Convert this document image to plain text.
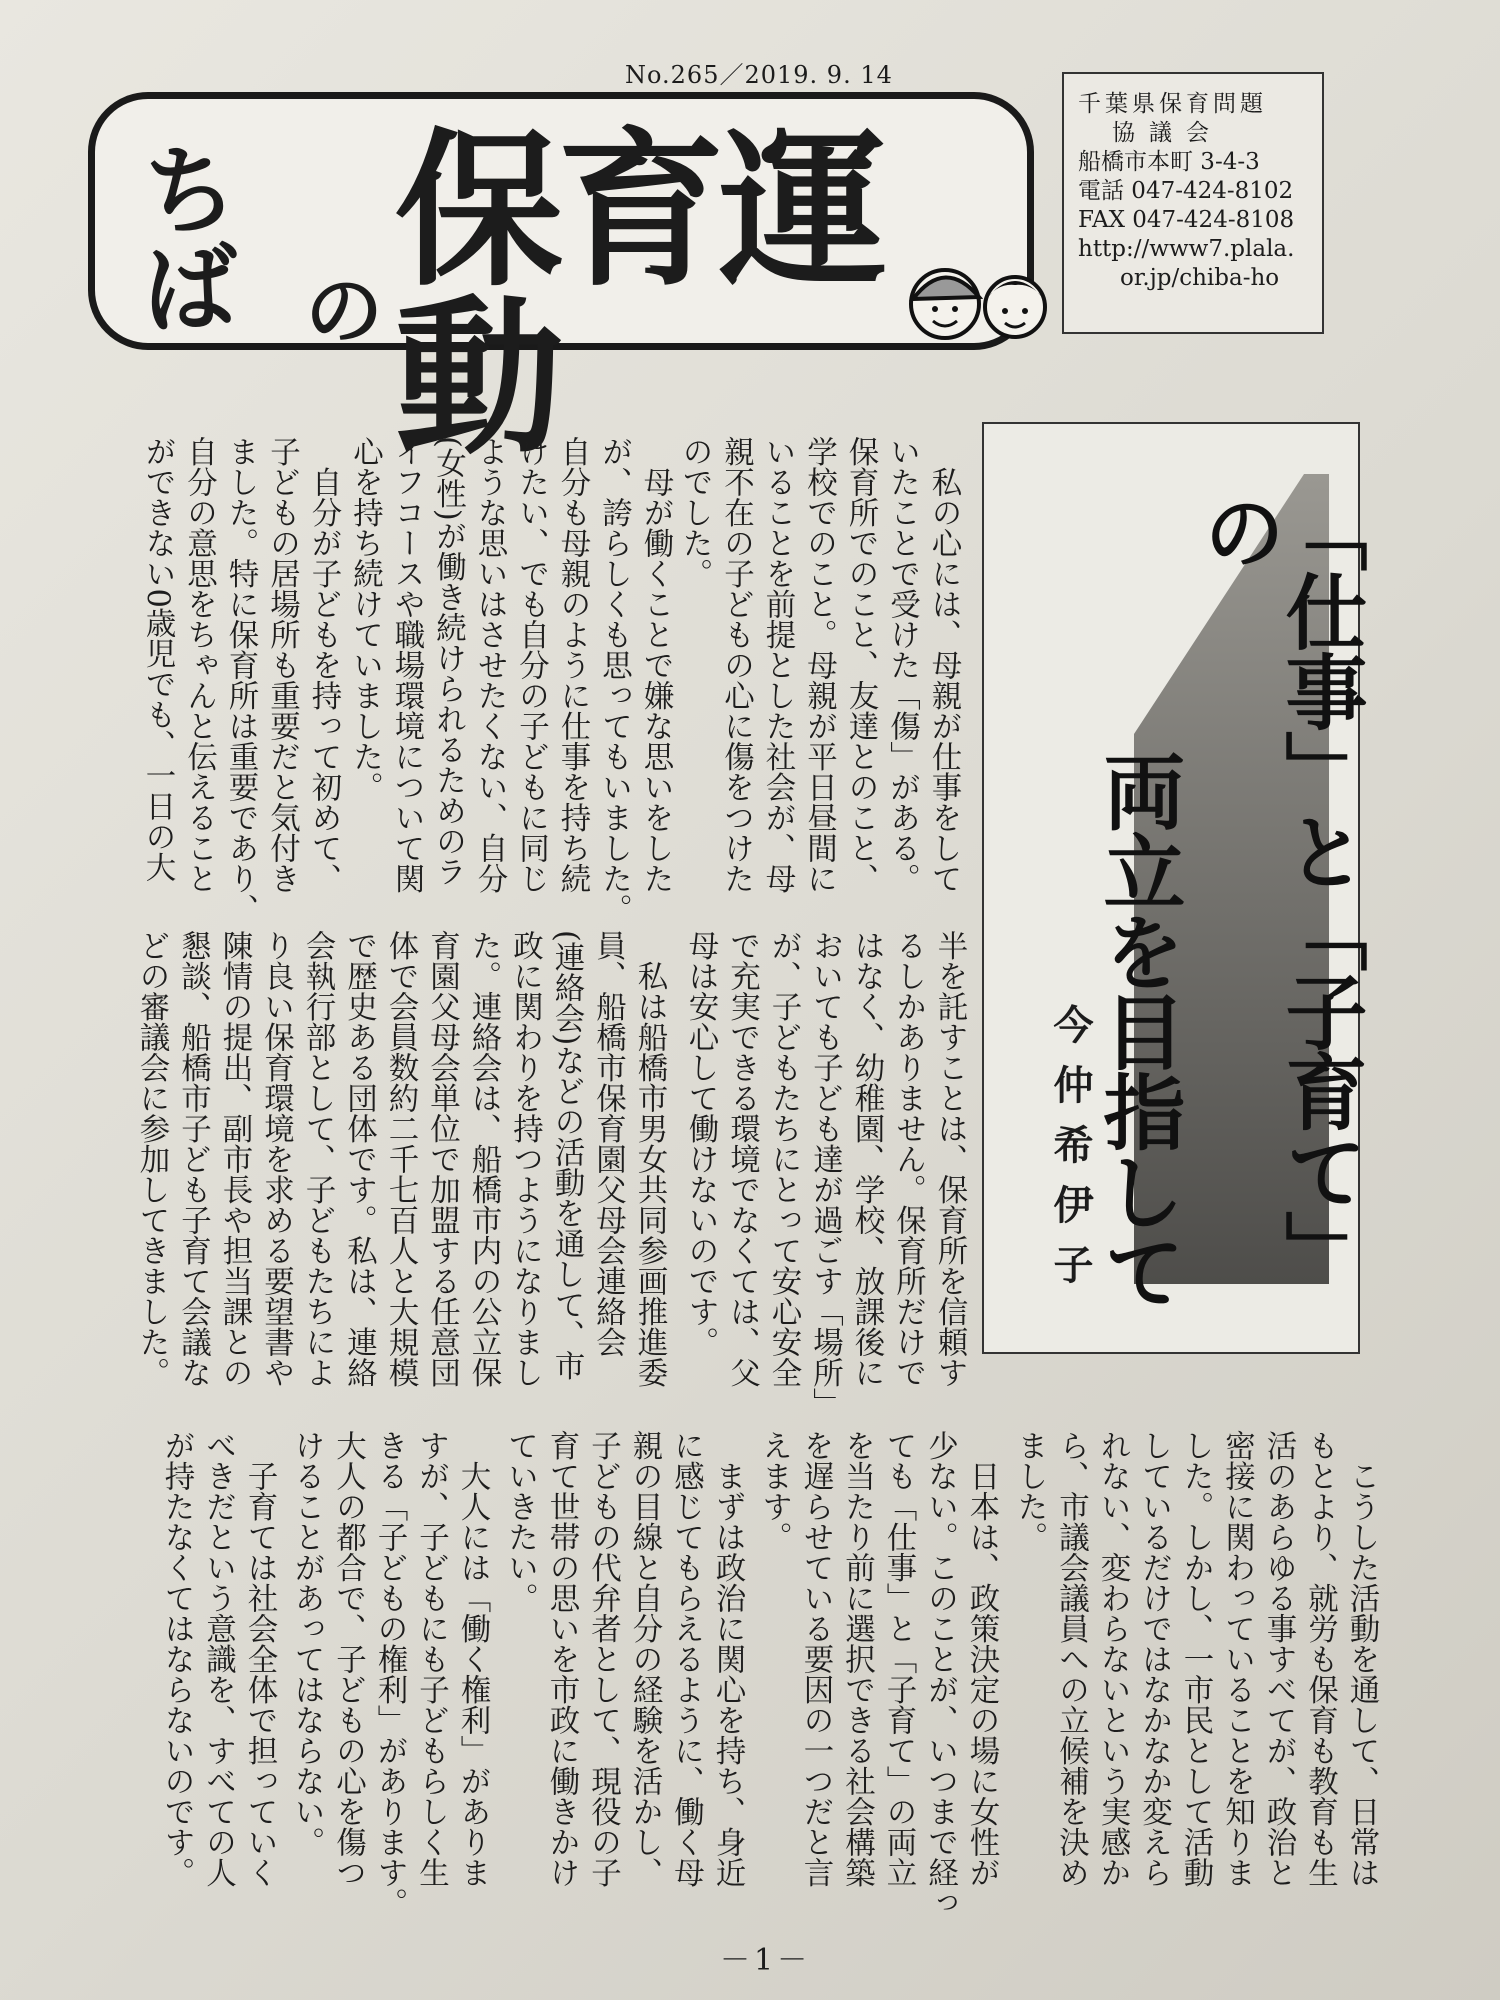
No.265／2019. 9. 14
ちば の
保育運動
千葉県保育問題
協議会
船橋市本町 3-4-3
電話 047-424-8102
FAX 047-424-8108
http://www7.plala.
or.jp/chiba-ho
「仕事」と「子育て」の
両立を目指して
今仲希伊子
　私の心には、母親が仕事をして
いたことで受けた「傷」がある。
保育所でのこと、友達とのこと、
学校でのこと。母親が平日昼間に
いることを前提とした社会が、母
親不在の子どもの心に傷をつけた
のでした。
　母が働くことで嫌な思いをした
が、誇らしくも思ってもいました。
自分も母親のように仕事を持ち続
けたい、でも自分の子どもに同じ
ような思いはさせたくない、自分
(女性)が働き続けられるためのラ
イフコースや職場環境について関
心を持ち続けていました。
　自分が子どもを持って初めて、
子どもの居場所も重要だと気付き
ました。特に保育所は重要であり、
自分の意思をちゃんと伝えること
ができない0歳児でも、一日の大
半を託すことは、保育所を信頼す
るしかありません。保育所だけで
はなく、幼稚園、学校、放課後に
おいても子ども達が過ごす「場所」
が、子どもたちにとって安心安全
で充実できる環境でなくては、父
母は安心して働けないのです。
　私は船橋市男女共同参画推進委
員、船橋市保育園父母会連絡会
(連絡会)などの活動を通して、市
政に関わりを持つようになりまし
た。連絡会は、船橋市内の公立保
育園父母会単位で加盟する任意団
体で会員数約二千七百人と大規模
で歴史ある団体です。私は、連絡
会執行部として、子どもたちによ
り良い保育環境を求める要望書や
陳情の提出、副市長や担当課との
懇談、船橋市子ども子育て会議な
どの審議会に参加してきました。
　こうした活動を通して、日常は
もとより、就労も保育も教育も生
活のあらゆる事すべてが、政治と
密接に関わっていることを知りま
した。しかし、一市民として活動
しているだけではなかなか変えら
れない、変わらないという実感か
ら、市議会議員への立候補を決め
ました。
　日本は、政策決定の場に女性が
少ない。このことが、いつまで経っ
ても「仕事」と「子育て」の両立
を当たり前に選択できる社会構築
を遅らせている要因の一つだと言
えます。
　まずは政治に関心を持ち、身近
に感じてもらえるように、働く母
親の目線と自分の経験を活かし、
子どもの代弁者として、現役の子
育て世帯の思いを市政に働きかけ
ていきたい。
　大人には「働く権利」がありま
すが、子どもにも子どもらしく生
きる「子どもの権利」があります。
大人の都合で、子どもの心を傷つ
けることがあってはならない。
　子育ては社会全体で担っていく
べきだという意識を、すべての人
が持たなくてはならないのです。
－1－
